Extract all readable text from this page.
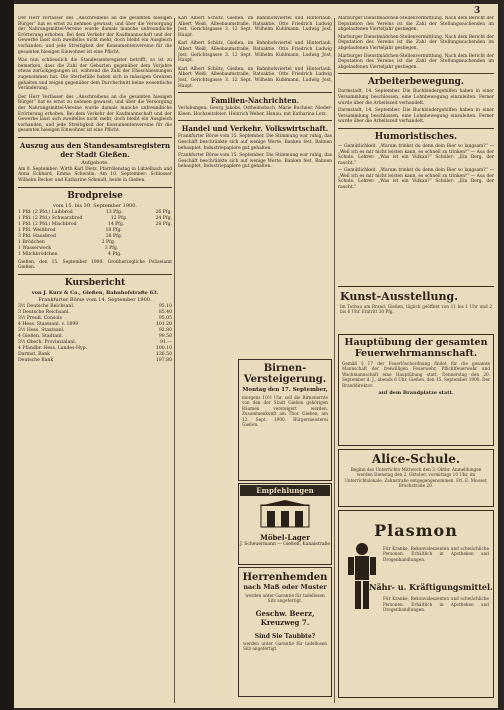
3

Der Herr Verfasser des „Anschreibens an die gesamten hiesigen Bürger“ hat es ernst zu nehmen gewusst; und über die Versorgung der Nahrungsmittel-Vereine wurde damals manche unfreundliche Erörterung erhoben. Bei dem Verkehr der Kaufmannschaft und der Gewerbe lässt sich zweifellos nicht mehr, doch bleibt ein Ausgleich vorhanden, und jede Streitigkeit der Konsumentenvereine für die gesamten hiesigen Einwohner ist eine Pflicht.

Was nun schliesslich die Standesamtsregister betrifft, so ist zu bemerken, dass die Zahl der Geburten gegenüber dem Vorjahre etwas zurückgegangen ist, während die Zahl der Eheschliessungen zugenommen hat. Die Sterbefälle haben sich in mässigen Grenzen gehalten und zeigen gegenüber dem Durchschnitt keine wesentliche Veränderung.

Der Herr Verfasser des „Anschreibens an die gesamten hiesigen Bürger“ hat es ernst zu nehmen gewusst; und über die Versorgung der Nahrungsmittel-Vereine wurde damals manche unfreundliche Erörterung erhoben. Bei dem Verkehr der Kaufmannschaft und der Gewerbe lässt sich zweifellos nicht mehr, doch bleibt ein Ausgleich vorhanden, und jede Streitigkeit der Konsumentenvereine für die gesamten hiesigen Einwohner ist eine Pflicht.

Auszug aus den Standesamtsregistern der Stadt Gießen.

Aufgebote.

Am 8. September: Wirth Karl Dietz, Pfarrdienstag in Lützelbach und Anna Eckhard, Emma Schwalm. Am 10. September: Schlosser Wilhelm Becker und Katharine Schmidt, beide in Gießen.

Brodpreise

vom 15. bis 30. September 1900.

1 Pfd. (2 Pfd.) Laibbrod	13 Pfg.	26 Pfg.
1 Pfd. (2 Pfd.) Schwarzbrod	12 Pfg.	24 Pfg.
1 Pfd. (2 Pfd.) Mischbrod	14 Pfg.	28 Pfg.
1 Pfd. Weißbrod	18 Pfg.
3 Pfd. Hausbrod	38 Pfg.
1 Brödchen	2 Pfg.
1 Wasserweck	3 Pfg.
1 Milchbrödchen	4 Pfg.

Gießen, den 15. September 1900. Großherzogliche Polizeiamt Gießen.

Kursbericht

von J. Kurz & Co., Gießen, Bahnhofstraße 63.

Frankfurter Börse vom 14. September 1900.

3½ Deutsche Reichsanl.	95.10
3 Deutsche Reichsanl.	85.40
3½ Preuß. Consols	95.05
4 Hess. Staatsanl. v. 1899	101.20
3½ Hess. Staatsanl.	92.80
4 Gießen. Stadtanl.	99.50
3½ Oberh. Provinzialanl.	91.—
4 Pfandbr. Hess. Landes-Hyp.	100.10
Darmst. Bank	126.50
Deutsche Bank	197.80

Karl Albert Schütz, Gießen, im Bahnhofsviertel und Hinterlaub, Albert Weiß, Alleebaumstraße, Ratsaktie. Otto Friedrich Ludwig Jost, Gerichtsgasse 3. 12 Sept. Wilhelm Kuhlmann, Ludwig Jost, Haupt.

Karl Albert Schütz, Gießen, im Bahnhofsviertel und Hinterlaub, Albert Weiß, Alleebaumstraße, Ratsaktie. Otto Friedrich Ludwig Jost, Gerichtsgasse 3. 12 Sept. Wilhelm Kuhlmann, Ludwig Jost, Haupt.

Karl Albert Schütz, Gießen, im Bahnhofsviertel und Hinterlaub, Albert Weiß, Alleebaumstraße, Ratsaktie. Otto Friedrich Ludwig Jost, Gerichtsgasse 3. 12 Sept. Wilhelm Kuhlmann, Ludwig Jost, Haupt.

Familien-Nachrichten.

Verlobungen: Georg Jakobs, Ostheimsbach, Marie Buchner, Nieder-Kleen. Hochzeitsfeier: Heinrich Weber, Hanau, mit Katharina Lotz.

Handel und Verkehr. Volkswirtschaft.

Frankfurter Börse vom 15. September. Die Stimmung war ruhig, das Geschäft beschränkte sich auf wenige Werte. Banken fest, Bahnen behauptet, Industriepapiere gut gehalten.

Frankfurter Börse vom 15. September. Die Stimmung war ruhig, das Geschäft beschränkte sich auf wenige Werte. Banken fest, Bahnen behauptet, Industriepapiere gut gehalten.

Birnen-Versteigerung.

Montag den 17. September,

morgens 10½ Uhr, soll die Birnenernte von den der Stadt Gießen gehörigen Bäumen versteigert werden. Zusammenkunft am Thor. Gießen, am 12. Sept. 1900. Bürgermeisterei Gießen.

Empfehlungen

Möbel-Lager

J. Scheuermann — Gießen, Kanalstraße

Herrenhemden

nach Maß oder Muster

werden unter Garantie für tadellosen Sitz angefertigt.

Geschw. Beerz, Kreuzweg 7.

Sind Sie Taubbte?

werden unter Garantie für tadellosen Sitz angefertigt.

Marburger Dienstmädchen-Stellenvermittlung. Nach dem Bericht der Deputation des Vereins ist die Zahl der Stellungssuchenden im abgelaufenen Vierteljahr gestiegen.

Marburger Dienstmädchen-Stellenvermittlung. Nach dem Bericht der Deputation des Vereins ist die Zahl der Stellungssuchenden im abgelaufenen Vierteljahr gestiegen.

Marburger Dienstmädchen-Stellenvermittlung. Nach dem Bericht der Deputation des Vereins ist die Zahl der Stellungssuchenden im abgelaufenen Vierteljahr gestiegen.

Arbeiterbewegung.

Darmstadt, 14. September. Die Buchbindergehilfen haben in einer Versammlung beschlossen, eine Lohnbewegung einzuleiten. Ferner wurde über die Arbeitszeit verhandelt.

Darmstadt, 14. September. Die Buchbindergehilfen haben in einer Versammlung beschlossen, eine Lohnbewegung einzuleiten. Ferner wurde über die Arbeitszeit verhandelt.

Humoristisches.

— Gemütlichkeit. „Warum trinkst du denn dein Bier so langsam?“ — „Weil ich es mir nicht leisten kann, es schnell zu trinken!“ — Aus der Schule. Lehrer: „Was ist ein Vulkan?“ Schüler: „Ein Berg, der raucht.“

— Gemütlichkeit. „Warum trinkst du denn dein Bier so langsam?“ — „Weil ich es mir nicht leisten kann, es schnell zu trinken!“ — Aus der Schule. Lehrer: „Was ist ein Vulkan?“ Schüler: „Ein Berg, der raucht.“

Kunst-Ausstellung.

Im Torbau am Brand, Gießen, täglich geöffnet von 11 bis 1 Uhr und 2 bis 6 Uhr. Eintritt 30 Pfg.

Hauptübung der gesamten Feuerwehrmannschaft.

Gemäß § 17 der Feuerlöschordnung findet für die gesamte Mannschaft der freiwilligen Feuerwehr, Pflichtfeuerwehr und Wachmannschaft eine Hauptübung statt, Donnerstag den 20. September d. J., abends 6 Uhr. Gießen, den 15. September 1900. Der Branddirektor.

auf dem Brandplatze statt.

Alice-Schule.

Beginn des Unterrichts Mittwoch den 3. Oktbr. Anmeldungen werden Dienstag den 2. Oktober, vormittags 10 Uhr, im Unterrichtslokale, Zahnstraße entgegengenommen. Frl. E. Mooser, Bruchstraße 20.

Plasmon

Für Kranke, Rekonvaleszenten und schwächliche Personen. Erhältlich in Apotheken und Drogenhandlungen.

Nähr- u. Kräftigungsmittel.

Für Kranke, Rekonvaleszenten und schwächliche Personen. Erhältlich in Apotheken und Drogenhandlungen.
